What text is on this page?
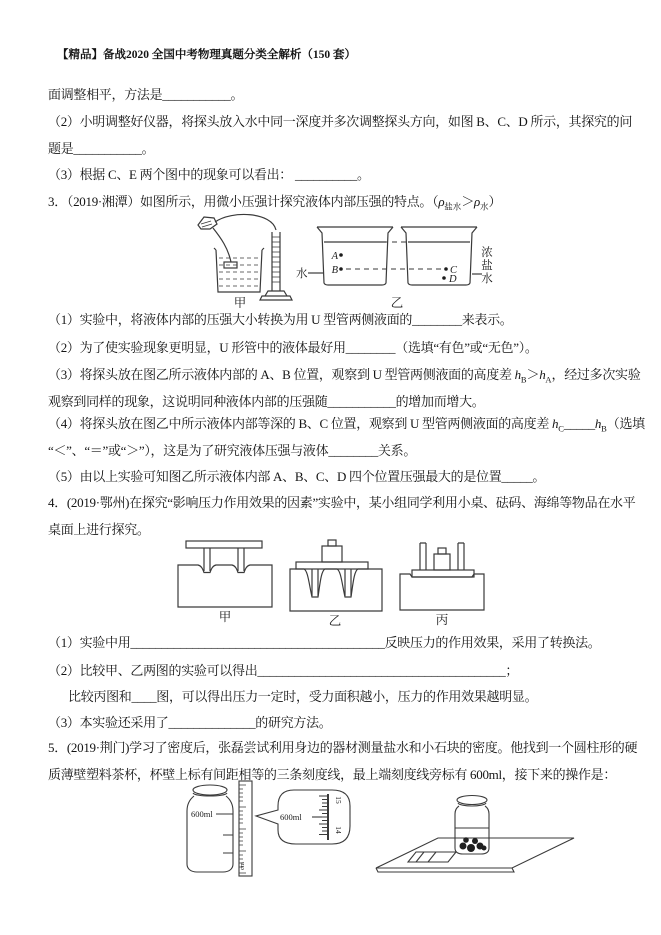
【精品】备战2020 全国中考物理真题分类全解析（150 套）
面调整相平，方法是___________。
（2）小明调整好仪器，将探头放入水中同一深度并多次调整探头方向，如图 B、C、D 所示，其探究的问
题是___________。
（3）根据 C、E 两个图中的现象可以看出： __________。
3．（2019·湘潭）如图所示，用微小压强计探究液体内部压强的特点。$(\rho_{盐水}>\rho_水)$
甲
A
B	C
D
水
浓
盐
水
乙
（1）实验中，将液体内部的压强大小转换为用 U 型管两侧液面的________来表示。
（2）为了使实验现象更明显，U 形管中的液体最好用________（选填“有色”或“无色”）。
（3）将探头放在图乙所示液体内部的 A、B 位置，观察到 U 型管两侧液面的高度差 $h_B>h_A$，经过多次实验
观察到同样的现象，这说明同种液体内部的压强随___________的增加而增大。
（4）将探头放在图乙中所示液体内部等深的 B、C 位置，观察到 U 型管两侧液面的高度差 $h_C\_\_\_\_\_h_B$（选填
“＜”、“＝”或“＞”），这是为了研究液体压强与液体________关系。
（5）由以上实验可知图乙所示液体内部 A、B、C、D 四个位置压强最大的是位置_____。
4．(2019·鄂州)在探究“影响压力作用效果的因素”实验中，某小组同学利用小桌、砝码、海绵等物品在水平
桌面上进行探究。
甲	乙	丙
（1）实验中用_________________________________________反映压力的作用效果，采用了转换法。
（2）比较甲、乙两图的实验可以得出________________________________________；
比较丙图和____图，可以得出压力一定时，受力面积越小，压力的作用效果越明显。
（3）本实验还采用了______________的研究方法。
5．(2019·荆门)学习了密度后，张磊尝试利用身边的器材测量盐水和小石块的密度。他找到一个圆柱形的硬
质薄壁塑料茶杯，杯壁上标有间距相等的三条刻度线，最上端刻度线旁标有 600ml，接下来的操作是：
600ml
cm
600ml
15
14
